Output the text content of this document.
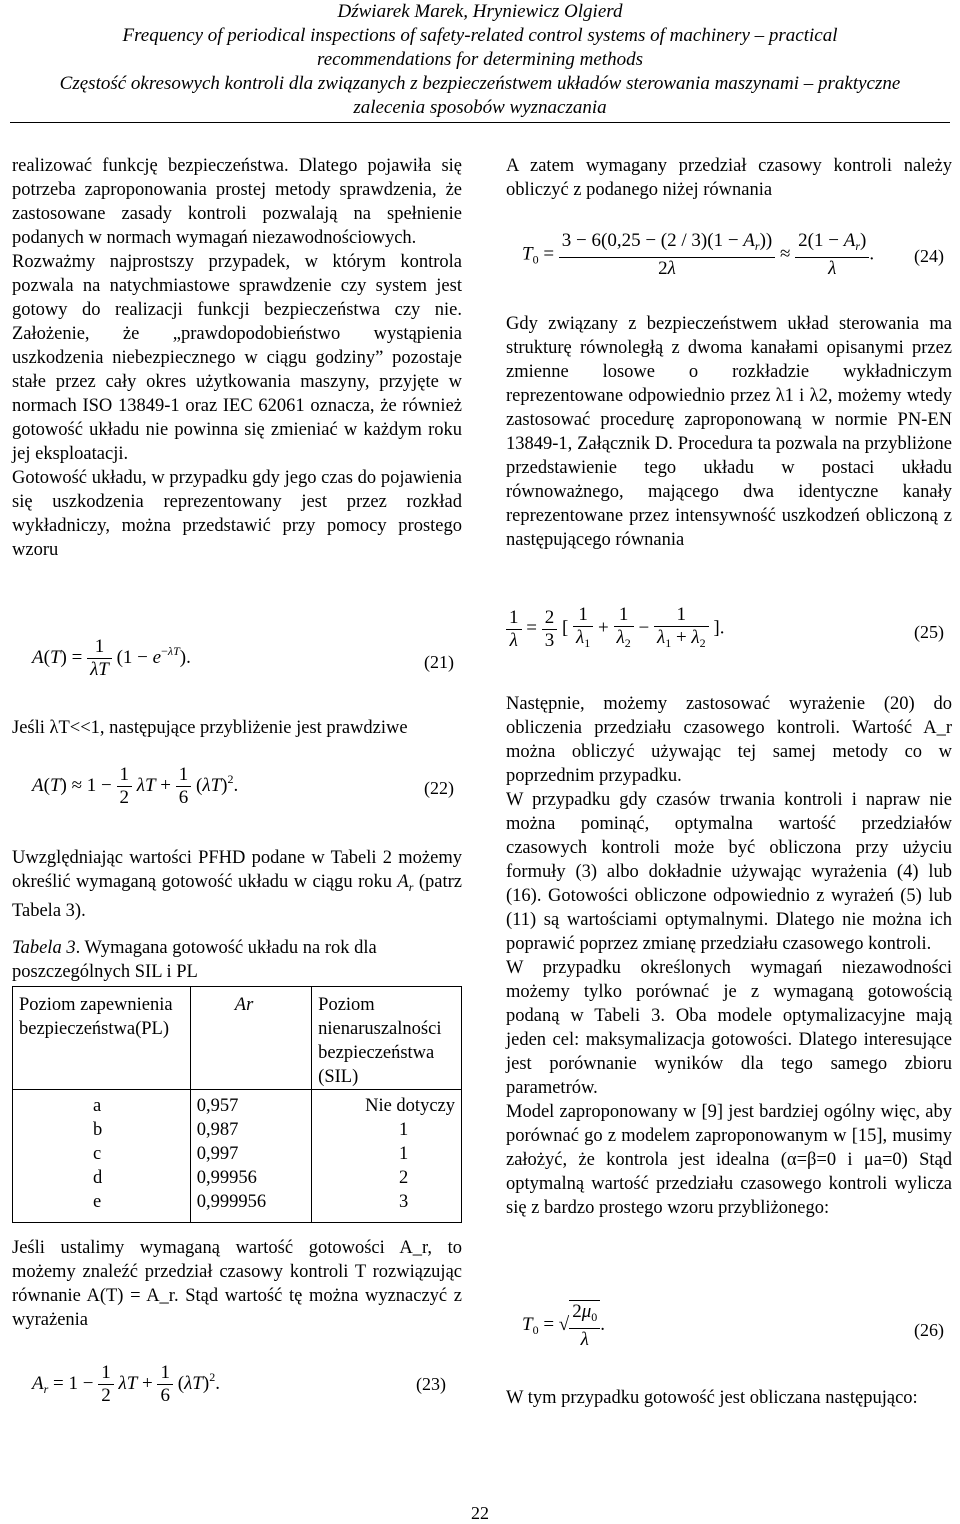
Dźwiarek Marek, Hryniewicz Olgierd
Frequency of periodical inspections of safety-related control systems of machinery – practical
recommendations for determining methods
Częstość okresowych kontroli dla związanych z bezpieczeństwem układów sterowania maszynami – praktyczne
zalecenia sposobów wyznaczania

realizować funkcję bezpieczeństwa. Dlatego pojawiła się potrzeba zaproponowania prostej metody sprawdzenia, że zastosowane zasady kontroli pozwalają na spełnienie podanych w normach wymagań niezawodnościowych.

Rozważmy najprostszy przypadek, w którym kontrola pozwala na natychmiastowe sprawdzenie czy system jest gotowy do realizacji funkcji bezpieczeństwa czy nie. Założenie, że „prawdopodobieństwo wystąpienia uszkodzenia niebezpiecznego w ciągu godziny” pozostaje stałe przez cały okres użytkowania maszyny, przyjęte w normach ISO 13849-1 oraz IEC 62061 oznacza, że również gotowość układu nie powinna się zmieniać w każdym roku jej eksploatacji.

Gotowość układu, w przypadku gdy jego czas do pojawienia się uszkodzenia reprezentowany jest przez rozkład wykładniczy, można przedstawić przy pomocy prostego wzoru

$A(T) = \frac{1}{\lambda T} (1 - e^{-\lambda T})$.	(21)
Jeśli λT<<1, następujące przybliżenie jest prawdziwe
$A(T) \approx 1 - \frac{1}{2}$ $\lambda T + \frac{1}{6} (\lambda T)^2$.	(22)
Uwzględniając wartości PFHD podane w Tabeli 2 możemy określić wymaganą gotowość układu w ciągu roku $A_r$ (patrz Tabela 3).
Tabela 3. Wymagana gotowość układu na rok dla poszczególnych SIL i PL
Poziom zapewnienia bezpieczeństwa(PL)	Ar	Poziom nienaruszalności bezpieczeństwa (SIL)
a	0,957	Nie dotyczy
b	0,987	1
c	0,997	1
d	0,99956	2
e	0,999956	3
Jeśli ustalimy wymaganą wartość gotowości A_r, to możemy znaleźć przedział czasowy kontroli T rozwiązując równanie A(T) = A_r. Stąd wartość tę można wyznaczyć z wyrażenia
$A_r = 1 - \frac{1}{2}$ $\lambda T + \frac{1}{6} (\lambda T)^2$.	(23)
A zatem wymagany przedział czasowy kontroli należy obliczyć z podanego niżej równania
$T_0 = \frac{3 - 6(0,25 - (2 / 3)(1 - A_r))}{2\lambda} \approx \frac{2(1 - A_r)}{\lambda}$ . (24)
Gdy związany z bezpieczeństwem układ sterowania ma strukturę równoległą z dwoma kanałami opisanymi przez zmienne losowe o rozkładzie wykładniczym reprezentowane odpowiednio przez λ1 i λ2, możemy wtedy zastosować procedurę zaproponowaną w normie PN-EN 13849-1, Załącznik D. Procedura ta pozwala na przybliżone przedstawienie tego układu w postaci układu równoważnego, mającego dwa identyczne kanały reprezentowane przez intensywność uszkodzeń obliczoną z następującego równania
$\frac{1}{\lambda} = \frac{2}{3}$ [ $\frac{1}{\lambda_1} + \frac{1}{\lambda_2} - \frac{1}{\lambda_1 + \lambda_2}$ ].	(25)

Następnie, możemy zastosować wyrażenie (20) do obliczenia przedziału czasowego kontroli. Wartość A_r można obliczyć używając tej samej metody co w poprzednim przypadku.

W przypadku gdy czasów trwania kontroli i napraw nie można pominąć, optymalna wartość przedziałów czasowych kontroli może być obliczona przy użyciu formuły (3) albo dokładnie używając wyrażenia (4) lub (16). Gotowości obliczone odpowiednio z wyrażeń (5) lub (11) są wartościami optymalnymi. Dlatego nie można ich poprawić poprzez zmianę przedziału czasowego kontroli.

W przypadku określonych wymagań niezawodności możemy tylko porównać je z wymaganą gotowością podaną w Tabeli 3. Oba modele optymalizacyjne mają jeden cel: maksymalizacja gotowości. Dlatego interesujące jest porównanie wyników dla tego samego zbioru parametrów.

Model zaproponowany w [9] jest bardziej ogólny więc, aby porównać go z modelem zaproponowanym w [15], musimy założyć, że kontrola jest idealna (α=β=0 i μa=0) Stąd optymalną wartość przedziału czasowego kontroli wylicza się z bardzo prostego wzoru przybliżonego:

$T_0$ = √ $\frac{2\mu_0}{\lambda}$ .	(26)
W tym przypadku gotowość jest obliczana następująco:
22
